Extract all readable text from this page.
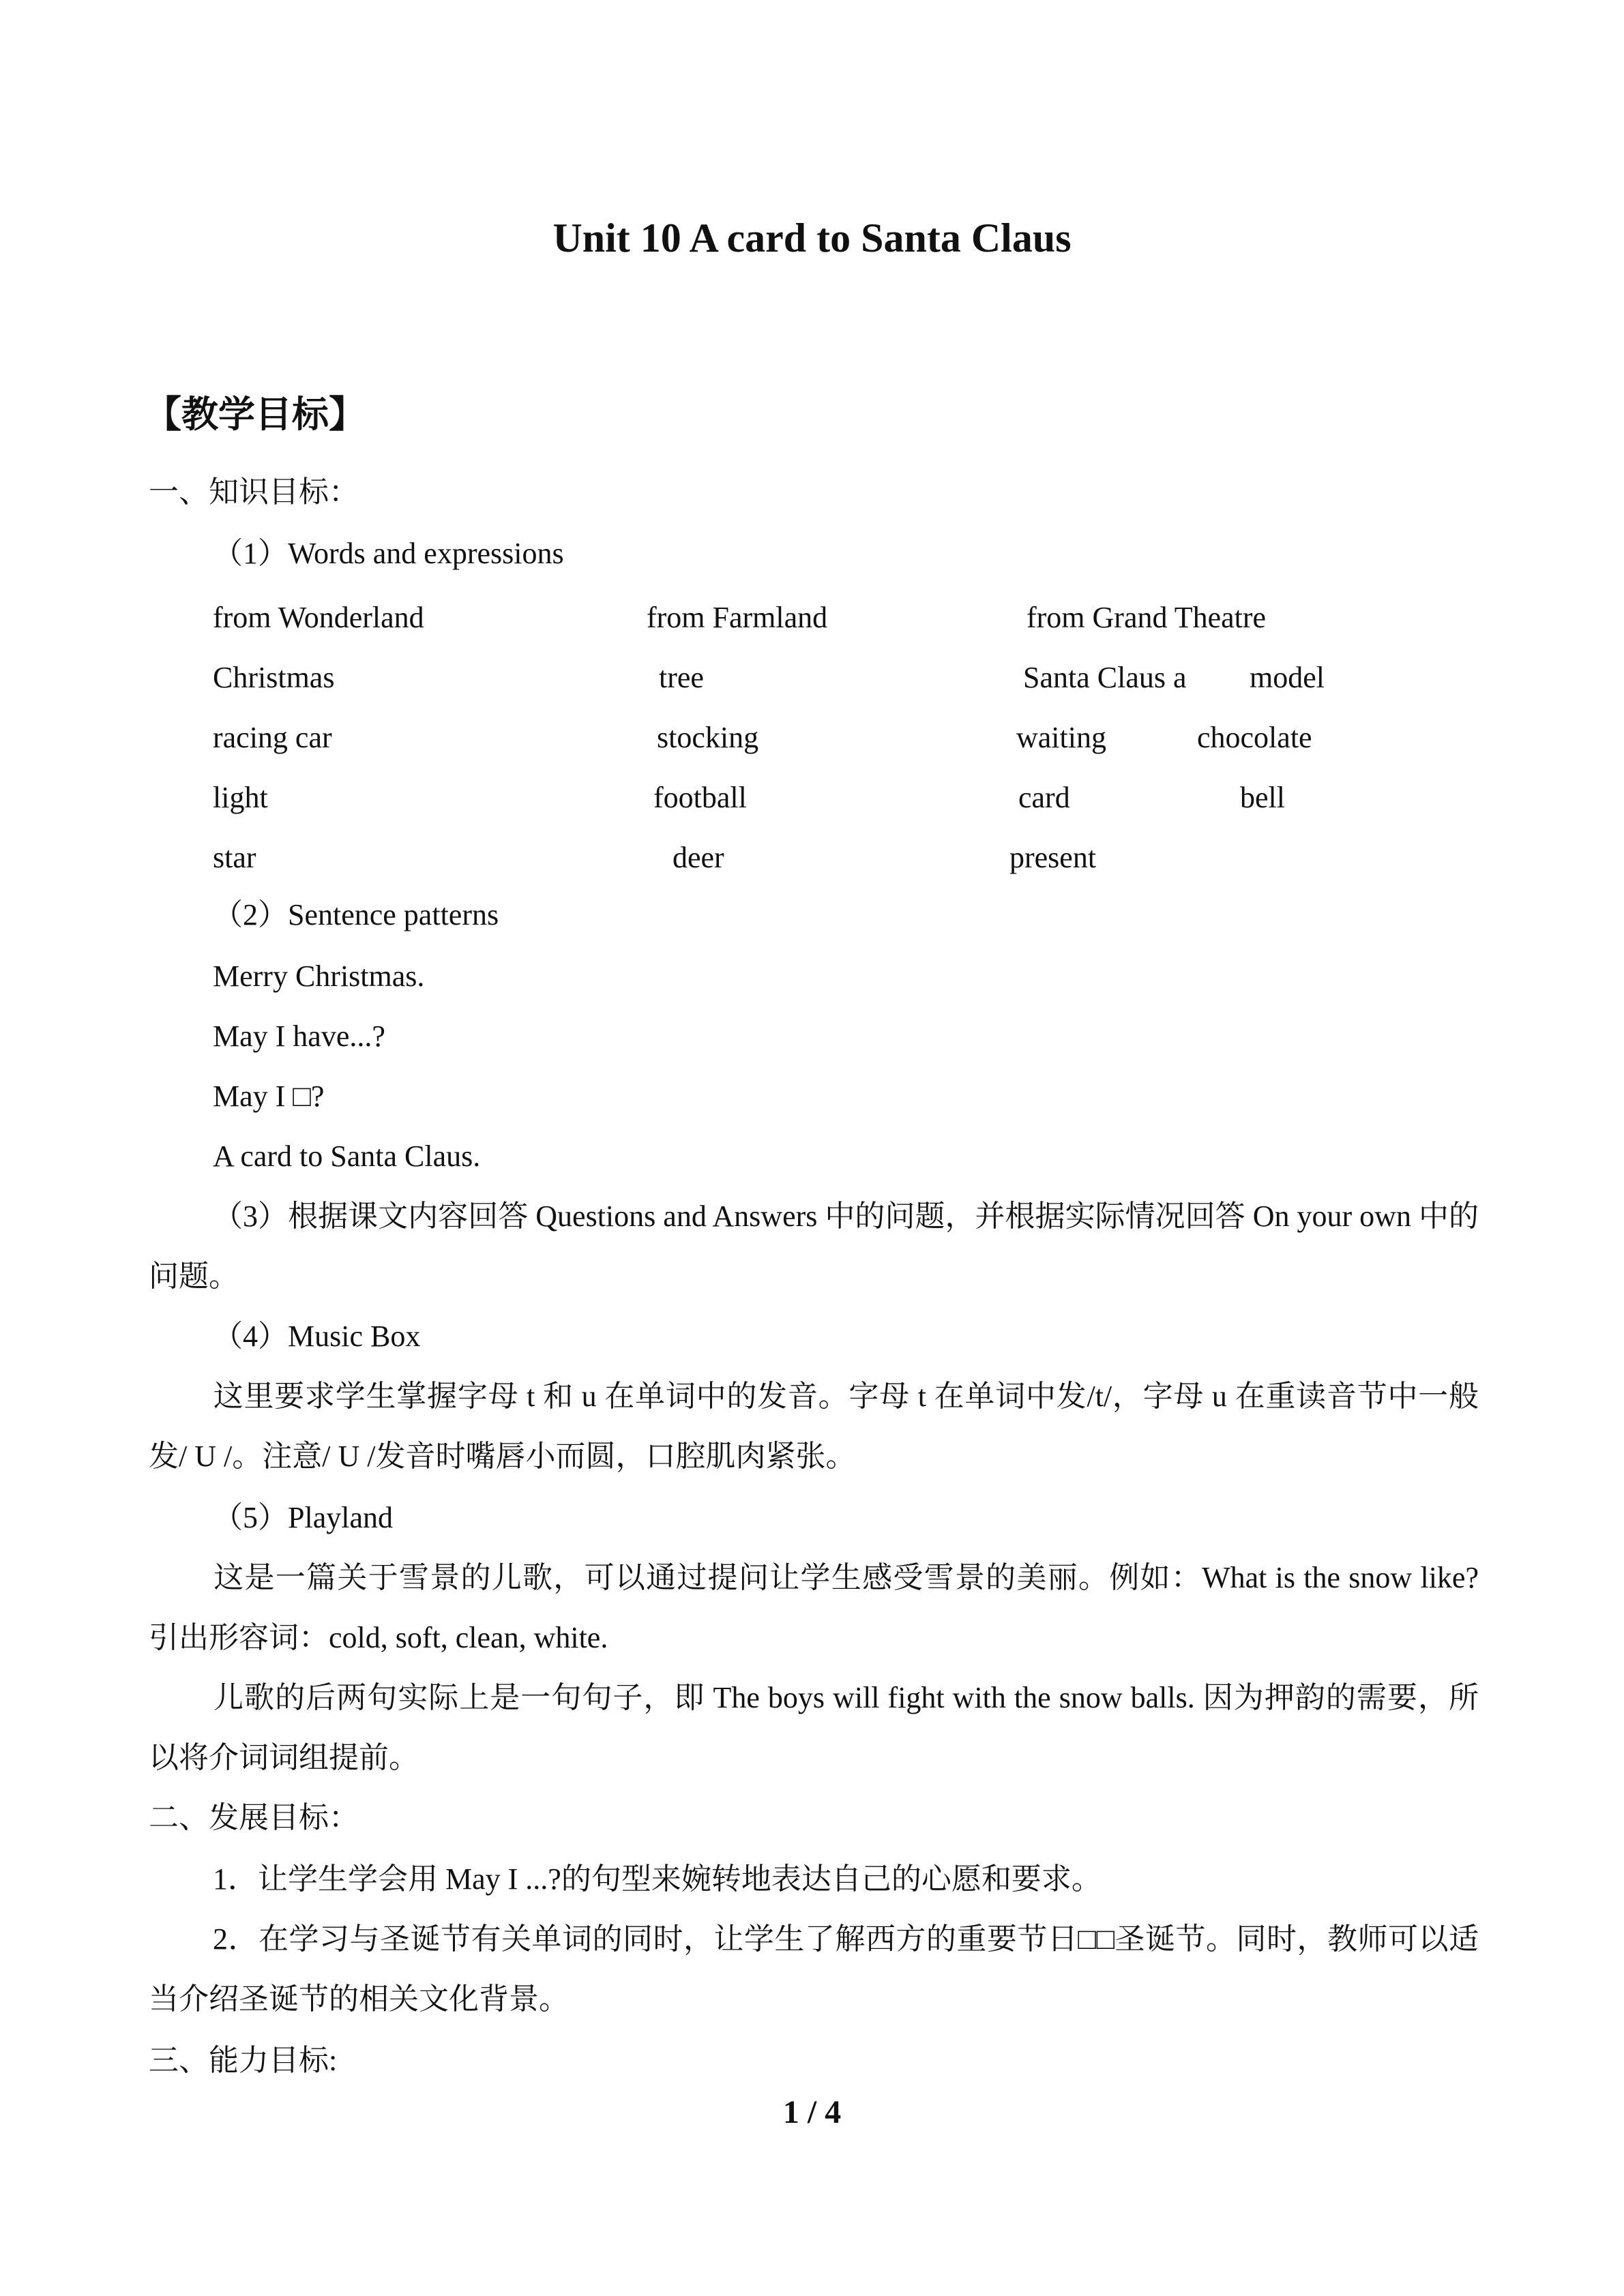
Unit 10 A card to Santa Claus
【教学目标】
一、知识目标：
（1）Words and expressions
from Wonderland	from Farmland	from Grand Theatre
Christmas	tree	Santa Claus a model
racing car	stocking	waiting	chocolate
light	football	card	bell
star	deer	present
（2）Sentence patterns
Merry Christmas.
May I have...?
May I □?
A card to Santa Claus.
（3）根据课文内容回答 Questions and Answers 中的问题，并根据实际情况回答 On your own 中的问题。
（4）Music Box
这里要求学生掌握字母 t 和 u 在单词中的发音。字母 t 在单词中发/t/，字母 u 在重读音节中一般发/ U /。注意/ U /发音时嘴唇小而圆，口腔肌肉紧张。
（5）Playland
这是一篇关于雪景的儿歌，可以通过提问让学生感受雪景的美丽。例如：What is the snow like? 引出形容词：cold, soft, clean, white.
儿歌的后两句实际上是一句句子，即 The boys will fight with the snow balls. 因为押韵的需要，所以将介词词组提前。
二、发展目标：
1．让学生学会用 May I ...?的句型来婉转地表达自己的心愿和要求。
2．在学习与圣诞节有关单词的同时，让学生了解西方的重要节日□□圣诞节。同时，教师可以适当介绍圣诞节的相关文化背景。
三、能力目标:
1 / 4
